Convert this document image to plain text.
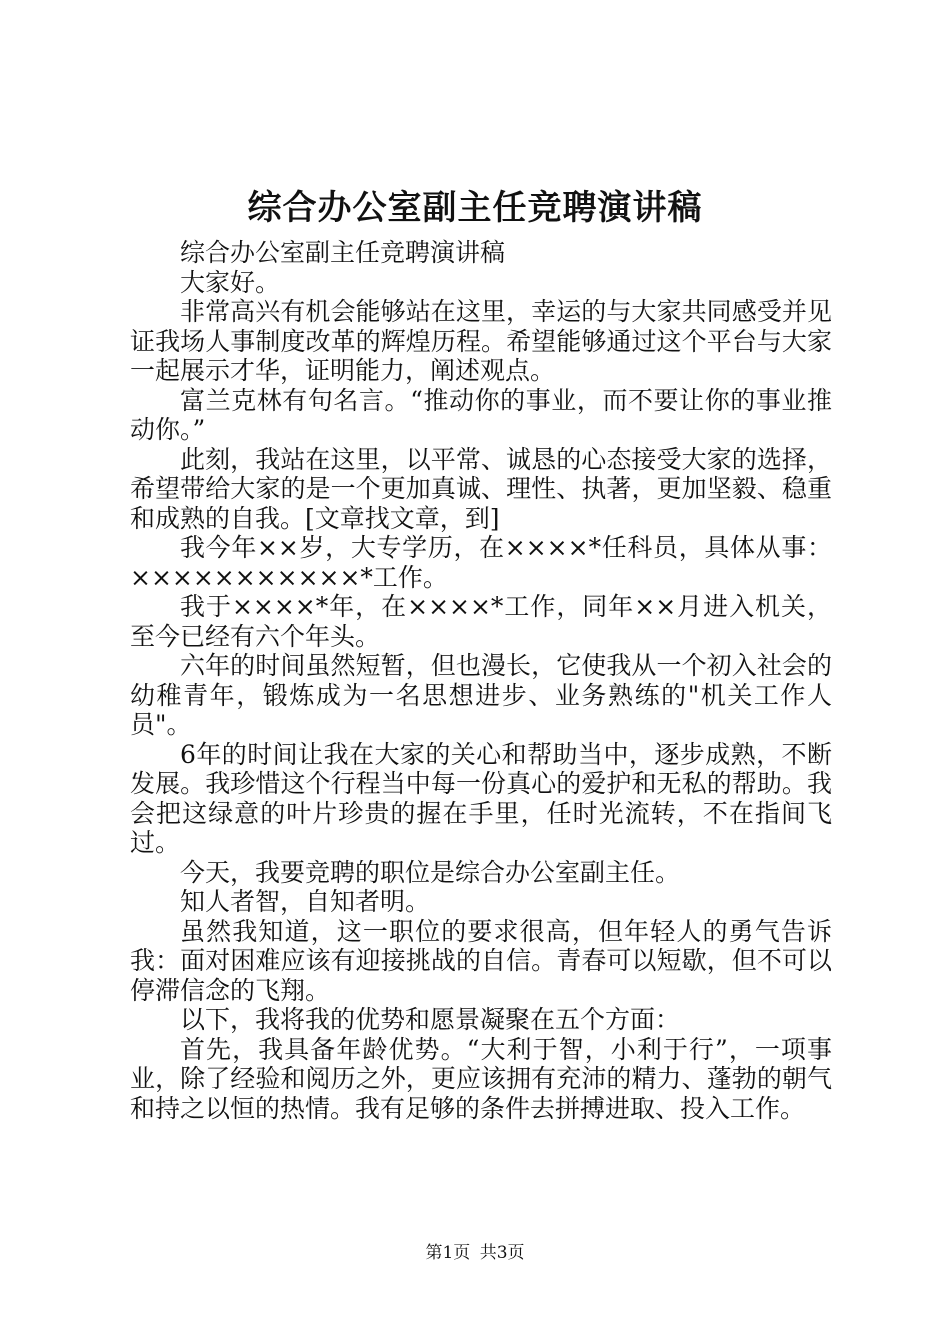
综合办公室副主任竞聘演讲稿

综合办公室副主任竞聘演讲稿

大家好。

非常高兴有机会能够站在这里，幸运的与大家共同感受并见证我场人事制度改革的辉煌历程。希望能够通过这个平台与大家一起展示才华，证明能力，阐述观点。

富兰克林有句名言。“推动你的事业，而不要让你的事业推动你。”

此刻，我站在这里，以平常、诚恳的心态接受大家的选择，希望带给大家的是一个更加真诚、理性、执著，更加坚毅、稳重和成熟的自我。[文章找文章，到]

我今年××岁，大专学历，在××××*任科员，具体从事：×××××××××××*工作。

我于××××*年，在××××*工作，同年××月进入机关，至今已经有六个年头。

六年的时间虽然短暂，但也漫长，它使我从一个初入社会的幼稚青年，锻炼成为一名思想进步、业务熟练的"机关工作人员"。

6年的时间让我在大家的关心和帮助当中，逐步成熟，不断发展。我珍惜这个行程当中每一份真心的爱护和无私的帮助。我会把这绿意的叶片珍贵的握在手里，任时光流转，不在指间飞过。

今天，我要竞聘的职位是综合办公室副主任。

知人者智，自知者明。

虽然我知道，这一职位的要求很高，但年轻人的勇气告诉我：面对困难应该有迎接挑战的自信。青春可以短歇，但不可以停滞信念的飞翔。

以下，我将我的优势和愿景凝聚在五个方面：

首先，我具备年龄优势。“大利于智，小利于行”，一项事业，除了经验和阅历之外，更应该拥有充沛的精力、蓬勃的朝气和持之以恒的热情。我有足够的条件去拼搏进取、投入工作。

第1页 共3页
